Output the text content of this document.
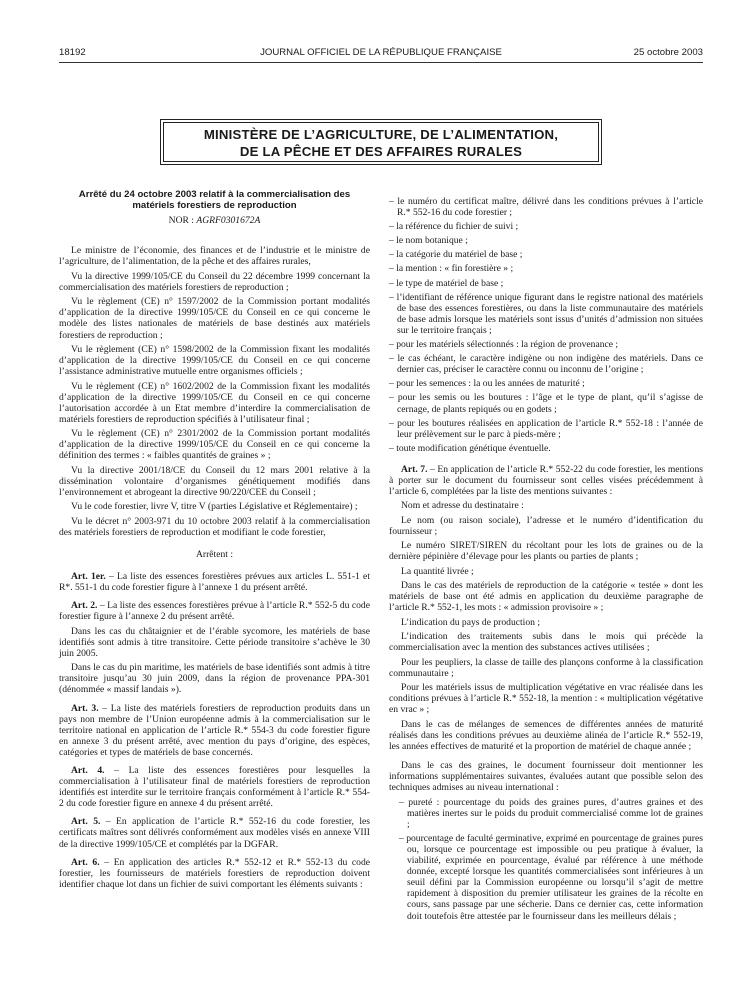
18192	JOURNAL OFFICIEL DE LA RÉPUBLIQUE FRANÇAISE	25 octobre 2003
MINISTÈRE DE L’AGRICULTURE, DE L’ALIMENTATION,
DE LA PÊCHE ET DES AFFAIRES RURALES
Arrêté du 24 octobre 2003 relatif à la commercialisation des matériels forestiers de reproduction
NOR : AGRF0301672A

Le ministre de l’économie, des finances et de l’industrie et le ministre de l’agriculture, de l’alimentation, de la pêche et des affaires rurales,

Vu la directive 1999/105/CE du Conseil du 22 décembre 1999 concernant la commercialisation des matériels forestiers de reproduction ;

Vu le règlement (CE) n° 1597/2002 de la Commission portant modalités d’application de la directive 1999/105/CE du Conseil en ce qui concerne le modèle des listes nationales de matériels de base destinés aux matériels forestiers de reproduction ;

Vu le règlement (CE) n° 1598/2002 de la Commission fixant les modalités d’application de la directive 1999/105/CE du Conseil en ce qui concerne l’assistance administrative mutuelle entre organismes officiels ;

Vu le règlement (CE) n° 1602/2002 de la Commission fixant les modalités d’application de la directive 1999/105/CE du Conseil en ce qui concerne l’autorisation accordée à un Etat membre d’interdire la commercialisation de matériels forestiers de reproduction spécifiés à l’utilisateur final ;

Vu le règlement (CE) n° 2301/2002 de la Commission portant modalités d’application de la directive 1999/105/CE du Conseil en ce qui concerne la définition des termes : « faibles quantités de graines » ;

Vu la directive 2001/18/CE du Conseil du 12 mars 2001 relative à la dissémination volontaire d’organismes génétiquement modifiés dans l’environnement et abrogeant la directive 90/220/CEE du Conseil ;

Vu le code forestier, livre V, titre V (parties Législative et Réglementaire) ;

Vu le décret n° 2003-971 du 10 octobre 2003 relatif à la commercialisation des matériels forestiers de reproduction et modifiant le code forestier,

Arrêtent :

Art. 1er. – La liste des essences forestières prévues aux articles L. 551-1 et R*. 551-1 du code forestier figure à l’annexe 1 du présent arrêté.

Art. 2. – La liste des essences forestières prévue à l’article R.* 552-5 du code forestier figure à l’annexe 2 du présent arrêté.

Dans les cas du châtaignier et de l’érable sycomore, les matériels de base identifiés sont admis à titre transitoire. Cette période transitoire s’achève le 30 juin 2005.

Dans le cas du pin maritime, les matériels de base identifiés sont admis à titre transitoire jusqu’au 30 juin 2009, dans la région de provenance PPA-301 (dénommée « massif landais »).

Art. 3. – La liste des matériels forestiers de reproduction produits dans un pays non membre de l’Union européenne admis à la commercialisation sur le territoire national en application de l’article R.* 554-3 du code forestier figure en annexe 3 du présent arrêté, avec mention du pays d’origine, des espèces, catégories et types de matériels de base concernés.

Art. 4. – La liste des essences forestières pour lesquelles la commercialisation à l’utilisateur final de matériels forestiers de reproduction identifiés est interdite sur le territoire français conformément à l’article R.* 554-2 du code forestier figure en annexe 4 du présent arrêté.

Art. 5. – En application de l’article R.* 552-16 du code forestier, les certificats maîtres sont délivrés conformément aux modèles visés en annexe VIII de la directive 1999/105/CE et complétés par la DGFAR.

Art. 6. – En application des articles R.* 552-12 et R.* 552-13 du code forestier, les fournisseurs de matériels forestiers de reproduction doivent identifier chaque lot dans un fichier de suivi comportant les éléments suivants :

– le numéro du certificat maître, délivré dans les conditions prévues à l’article R.* 552-16 du code forestier ;

– la référence du fichier de suivi ;

– le nom botanique ;

– la catégorie du matériel de base ;

– la mention : « fin forestière » ;

– le type de matériel de base ;

– l’identifiant de référence unique figurant dans le registre national des matériels de base des essences forestières, ou dans la liste communautaire des matériels de base admis lorsque les matériels sont issus d’unités d’admission non situées sur le territoire français ;

– pour les matériels sélectionnés : la région de provenance ;

– le cas échéant, le caractère indigène ou non indigène des matériels. Dans ce dernier cas, préciser le caractère connu ou inconnu de l’origine ;

– pour les semences : la ou les années de maturité ;

– pour les semis ou les boutures : l’âge et le type de plant, qu’il s’agisse de cernage, de plants repiqués ou en godets ;

– pour les boutures réalisées en application de l’article R.* 552-18 : l’année de leur prélèvement sur le parc à pieds-mère ;

– toute modification génétique éventuelle.

Art. 7. – En application de l’article R.* 552-22 du code forestier, les mentions à porter sur le document du fournisseur sont celles visées précédemment à l’article 6, complétées par la liste des mentions suivantes :

Nom et adresse du destinataire :

Le nom (ou raison sociale), l’adresse et le numéro d’identification du fournisseur ;

Le numéro SIRET/SIREN du récoltant pour les lots de graines ou de la dernière pépinière d’élevage pour les plants ou parties de plants ;

La quantité livrée ;

Dans le cas des matériels de reproduction de la catégorie « testée » dont les matériels de base ont été admis en application du deuxième paragraphe de l’article R.* 552-1, les mots : « admission provisoire » ;

L’indication du pays de production ;

L’indication des traitements subis dans le mois qui précède la commercialisation avec la mention des substances actives utilisées ;

Pour les peupliers, la classe de taille des plançons conforme à la classification communautaire ;

Pour les matériels issus de multiplication végétative en vrac réalisée dans les conditions prévues à l’article R.* 552-18, la mention : « multiplication végétative en vrac » ;

Dans le cas de mélanges de semences de différentes années de maturité réalisés dans les conditions prévues au deuxième alinéa de l’article R.* 552-19, les années effectives de maturité et la proportion de matériel de chaque année ;

Dans le cas des graines, le document fournisseur doit mentionner les informations supplémentaires suivantes, évaluées autant que possible selon des techniques admises au niveau international :

– pureté : pourcentage du poids des graines pures, d’autres graines et des matières inertes sur le poids du produit commercialisé comme lot de graines ;

– pourcentage de faculté germinative, exprimé en pourcentage de graines pures ou, lorsque ce pourcentage est impossible ou peu pratique à évaluer, la viabilité, exprimée en pourcentage, évalué par référence à une méthode donnée, excepté lorsque les quantités commercialisées sont inférieures à un seuil défini par la Commission européenne ou lorsqu’il s’agit de mettre rapidement à disposition du premier utilisateur les graines de la récolte en cours, sans passage par une sécherie. Dans ce dernier cas, cette information doit toutefois être attestée par le fournisseur dans les meilleurs délais ;
